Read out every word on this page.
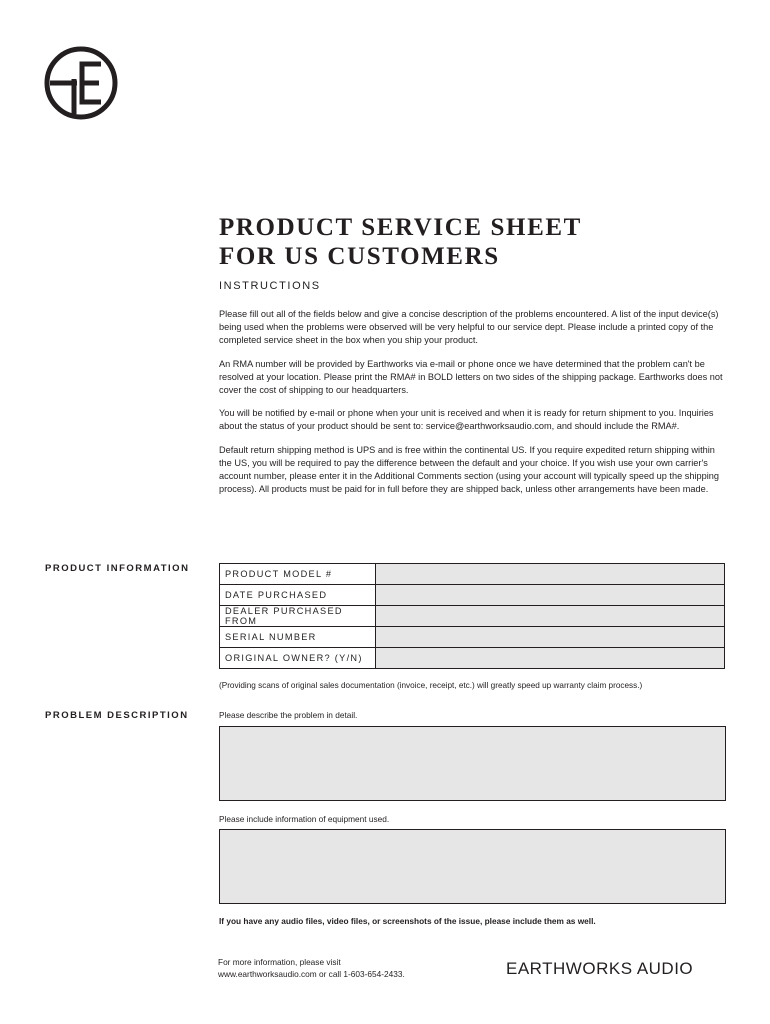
PRODUCT SERVICE SHEET
FOR US CUSTOMERS
INSTRUCTIONS

Please fill out all of the fields below and give a concise description of the problems encountered. A list of the input device(s) being used when the problems were observed will be very helpful to our service dept. Please include a printed copy of the completed service sheet in the box when you ship your product.

An RMA number will be provided by Earthworks via e-mail or phone once we have determined that the problem can't be resolved at your location. Please print the RMA# in BOLD letters on two sides of the shipping package. Earthworks does not cover the cost of shipping to our headquarters.

You will be notified by e-mail or phone when your unit is received and when it is ready for return shipment to you. Inquiries about the status of your product should be sent to: service@earthworksaudio.com, and should include the RMA#.

Default return shipping method is UPS and is free within the continental US. If you require expedited return shipping within the US, you will be required to pay the difference between the default and your choice. If you wish use your own carrier's account number, please enter it in the Additional Comments section (using your account will typically speed up the shipping process). All products must be paid for in full before they are shipped back, unless other arrangements have been made.

PRODUCT INFORMATION	PRODUCT MODEL #	
DATE PURCHASED	
DEALER PURCHASED FROM	
SERIAL NUMBER	
ORIGINAL OWNER? (Y/N)	
(Providing scans of original sales documentation (invoice, receipt, etc.) will greatly speed up warranty claim process.)
PROBLEM DESCRIPTION	Please describe the problem in detail.
Please include information of equipment used.
If you have any audio files, video files, or screenshots of the issue, please include them as well.
For more information, please visit
www.earthworksaudio.com or call 1-603-654-2433.	EARTHWORKS AUDIO
